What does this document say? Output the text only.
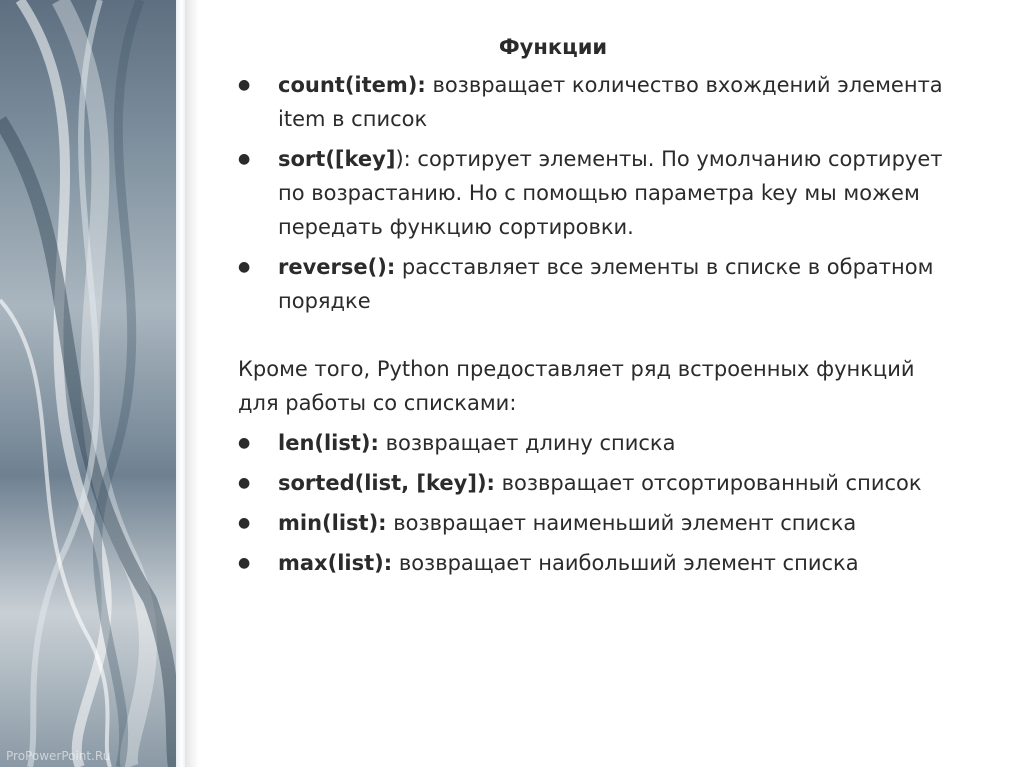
ProPowerPoint.Ru
Функции
● count(item): возвращает количество вхождений элемента item в список
● sort([key]): сортирует элементы. По умолчанию сортирует по возрастанию. Но с помощью параметра key мы можем передать функцию сортировки.
● reverse(): расставляет все элементы в списке в обратном порядке
Кроме того, Python предоставляет ряд встроенных функций для работы со списками:
● len(list): возвращает длину списка
● sorted(list, [key]): возвращает отсортированный список
● min(list): возвращает наименьший элемент списка
● max(list): возвращает наибольший элемент списка
